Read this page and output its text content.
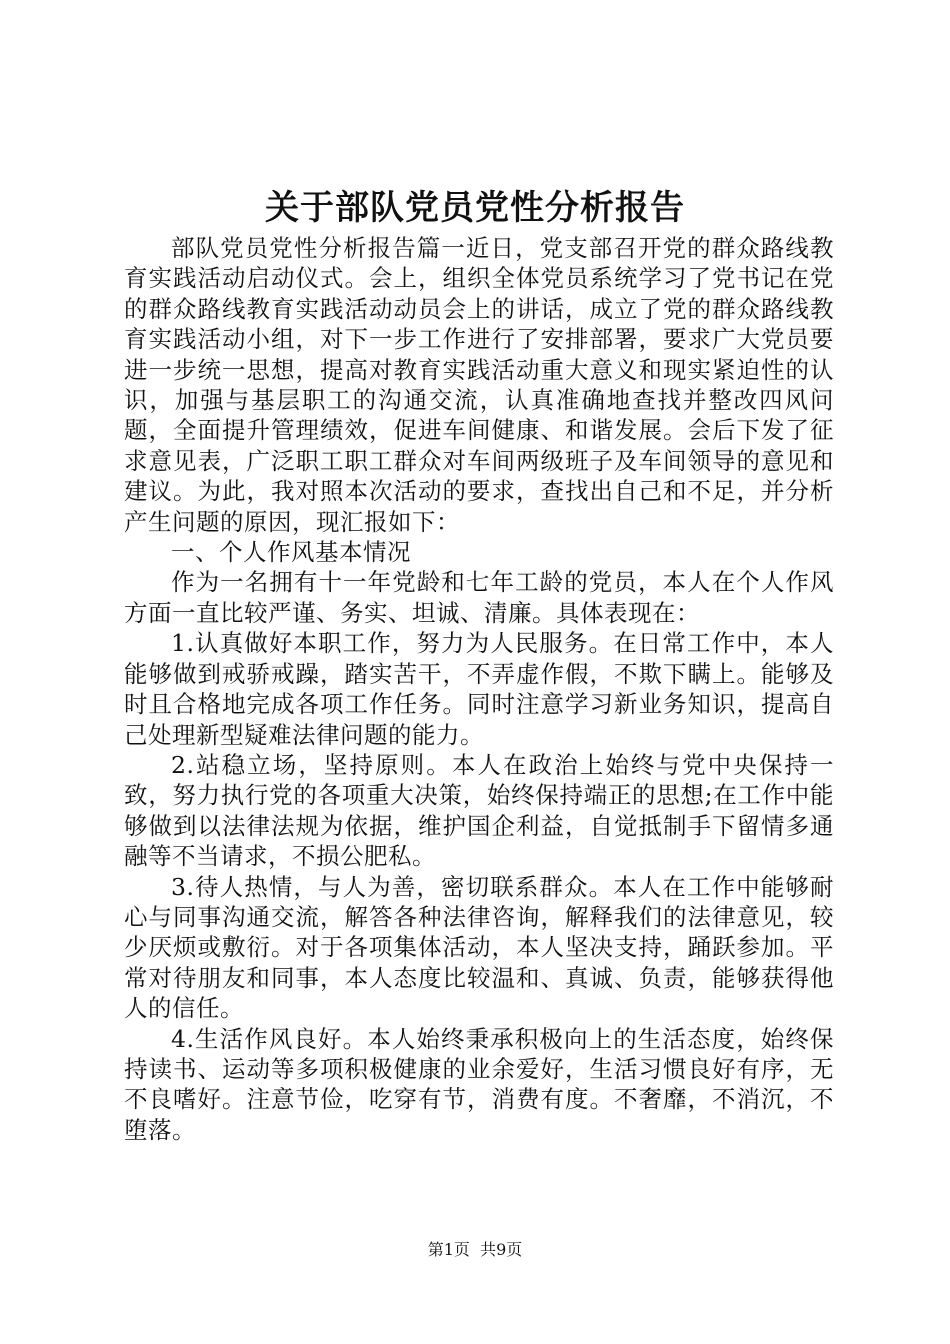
关于部队党员党性分析报告

部队党员党性分析报告篇一近日，党支部召开党的群众路线教育实践活动启动仪式。会上，组织全体党员系统学习了党书记在党的群众路线教育实践活动动员会上的讲话，成立了党的群众路线教育实践活动小组，对下一步工作进行了安排部署，要求广大党员要进一步统一思想，提高对教育实践活动重大意义和现实紧迫性的认识，加强与基层职工的沟通交流，认真准确地查找并整改四风问题，全面提升管理绩效，促进车间健康、和谐发展。会后下发了征求意见表，广泛职工职工群众对车间两级班子及车间领导的意见和建议。为此，我对照本次活动的要求，查找出自己和不足，并分析产生问题的原因，现汇报如下：

一、个人作风基本情况

作为一名拥有十一年党龄和七年工龄的党员，本人在个人作风方面一直比较严谨、务实、坦诚、清廉。具体表现在：

1.认真做好本职工作，努力为人民服务。在日常工作中，本人能够做到戒骄戒躁，踏实苦干，不弄虚作假，不欺下瞒上。能够及时且合格地完成各项工作任务。同时注意学习新业务知识，提高自己处理新型疑难法律问题的能力。

2.站稳立场，坚持原则。本人在政治上始终与党中央保持一致，努力执行党的各项重大决策，始终保持端正的思想;在工作中能够做到以法律法规为依据，维护国企利益，自觉抵制手下留情多通融等不当请求，不损公肥私。

3.待人热情，与人为善，密切联系群众。本人在工作中能够耐心与同事沟通交流，解答各种法律咨询，解释我们的法律意见，较少厌烦或敷衍。对于各项集体活动，本人坚决支持，踊跃参加。平常对待朋友和同事，本人态度比较温和、真诚、负责，能够获得他人的信任。

4.生活作风良好。本人始终秉承积极向上的生活态度，始终保持读书、运动等多项积极健康的业余爱好，生活习惯良好有序，无不良嗜好。注意节俭，吃穿有节，消费有度。不奢靡，不消沉，不堕落。

第1页  共9页
